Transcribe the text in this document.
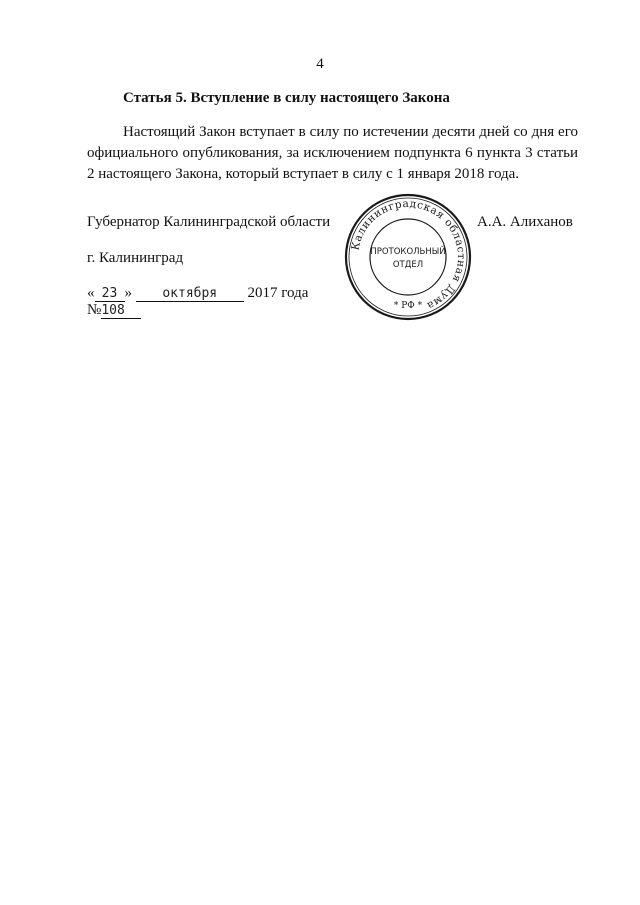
4
Статья 5. Вступление в силу настоящего Закона
Настоящий Закон вступает в силу по истечении десяти дней со дня его официального опубликования, за исключением подпункта 6 пункта 3 статьи 2 настоящего Закона, который вступает в силу с 1 января 2018 года.
Губернатор Калининградской области	А.А. Алиханов
г. Калининград
« 23 » октября 2017 года
№108
Калининградская областная Дума
ПРОТОКОЛЬНЫЙ
ОТДЕЛ
* РФ *
